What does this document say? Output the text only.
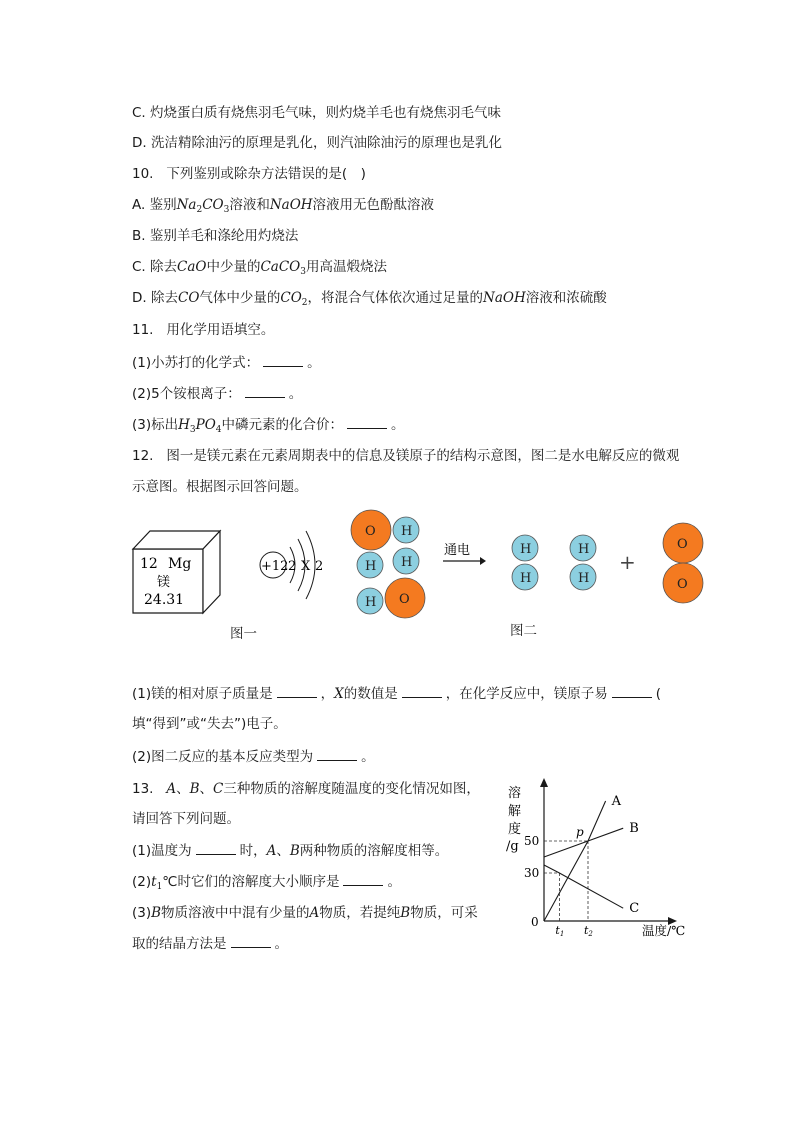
C. 灼烧蛋白质有烧焦羽毛气味，则灼烧羊毛也有烧焦羽毛气味
D. 洗洁精除油污的原理是乳化，则汽油除油污的原理也是乳化
10. 下列鉴别或除杂方法错误的是(　)
A. 鉴别$Na_2CO_3$溶液和NaOH溶液用无色酚酞溶液
B. 鉴别羊毛和涤纶用灼烧法
C. 除去CaO中少量的CaCO$_3$用高温煅烧法
D. 除去CO气体中少量的$CO_2$，将混合气体依次通过足量的NaOH溶液和浓硫酸
11. 用化学用语填空。
(1)小苏打的化学式：	。
(2)5个铵根离子：	。
(3)标出$H_3PO_4$中磷元素的化合价：	。
12. 图一是镁元素在元素周期表中的信息及镁原子的结构示意图，图二是水电解反应的微观
示意图。根据图示回答问题。
12 Mg
镁
24.31
+12 2 X 2
O H
H H
H O
通电	H
H
H
H
+
O
O
图一	图二
(1)镁的相对原子质量是	，X的数值是	，在化学反应中，镁原子易	(
填“得到”或“失去”)电子。
(2)图二反应的基本反应类型为	。
13. A、B、C三种物质的溶解度随温度的变化情况如图，
请回答下列问题。
(1)温度为	时，A、B两种物质的溶解度相等。
$(2)t_1℃$时它们的溶解度大小顺序是	。
(3)B物质溶液中中混有少量的A物质，若提纯B物质，可采
取的结晶方法是	。
溶
解
度
/g
0
30
50
t1 t2
A
B
C
p
温度/℃
